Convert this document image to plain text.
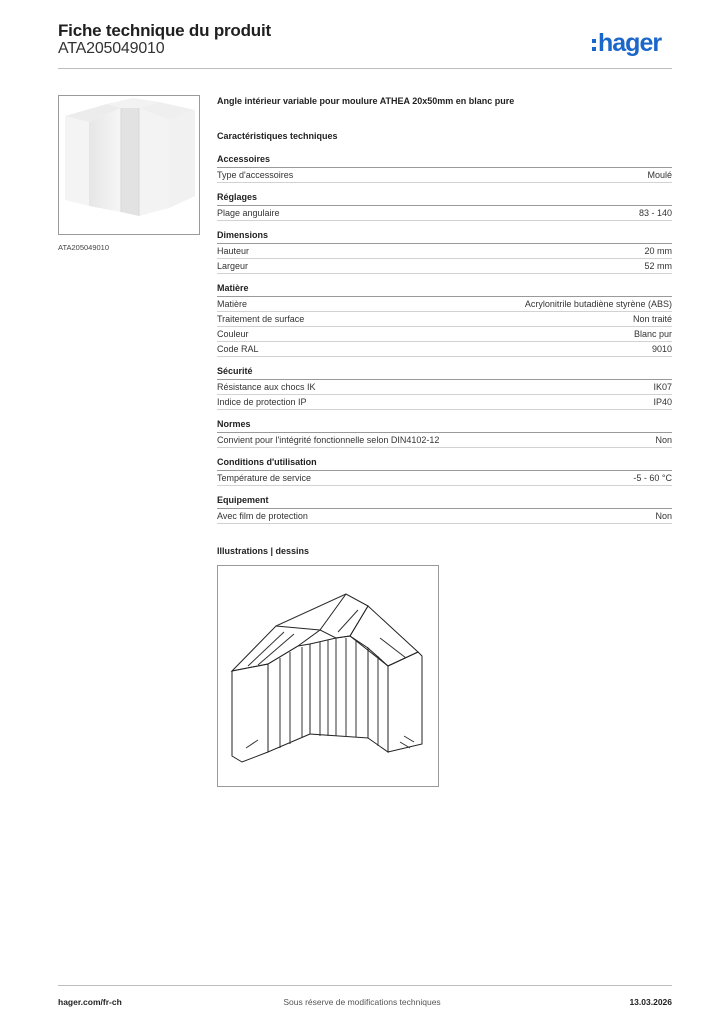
Fiche technique du produit
ATA205049010	hager
ATA205049010
Angle intérieur variable pour moulure ATHEA 20x50mm en blanc pure
Caractéristiques techniques
Accessoires
Type d'accessoires	Moulé
Réglages
Plage angulaire	83 - 140
Dimensions
Hauteur	20 mm
Largeur	52 mm
Matière
Matière	Acrylonitrile butadiène styrène (ABS)
Traitement de surface	Non traité
Couleur	Blanc pur
Code RAL	9010
Sécurité
Résistance aux chocs IK	IK07
Indice de protection IP	IP40
Normes
Convient pour l'intégrité fonctionnelle selon DIN4102-12	Non
Conditions d'utilisation
Température de service	-5 - 60 °C
Equipement
Avec film de protection	Non
Illustrations | dessins
hager.com/fr-ch	Sous réserve de modifications techniques	13.03.2026
